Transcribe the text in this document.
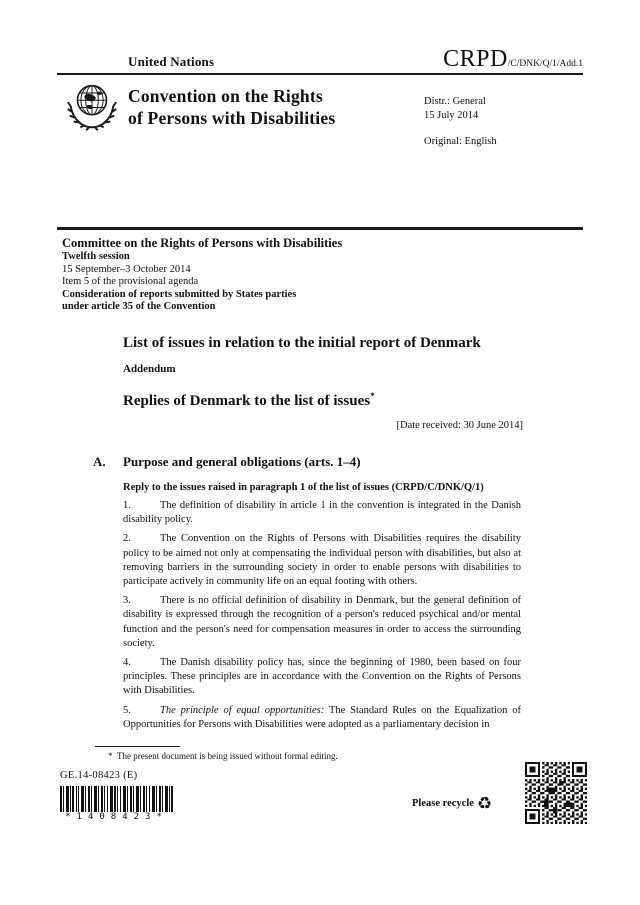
United Nations	CRPD/C/DNK/Q/1/Add.1
Convention on the Rights
of Persons with Disabilities
Distr.: General
15 July 2014
Original: English
Committee on the Rights of Persons with Disabilities
Twelfth session
15 September–3 October 2014
Item 5 of the provisional agenda
Consideration of reports submitted by States parties
under article 35 of the Convention
List of issues in relation to the initial report of Denmark
Addendum
Replies of Denmark to the list of issues*
[Date received: 30 June 2014]
A. Purpose and general obligations (arts. 1–4)
Reply to the issues raised in paragraph 1 of the list of issues (CRPD/C/DNK/Q/1)

1.	The definition of disability in article 1 in the convention is integrated in the Danish disability policy.

2.	The Convention on the Rights of Persons with Disabilities requires the disability policy to be aimed not only at compensating the individual person with disabilities, but also at removing barriers in the surrounding society in order to enable persons with disabilities to participate actively in community life on an equal footing with others.

3.	There is no official definition of disability in Denmark, but the general definition of disability is expressed through the recognition of a person's reduced psychical and/or mental function and the person's need for compensation measures in order to access the surrounding society.

4.	The Danish disability policy has, since the beginning of 1980, been based on four principles. These principles are in accordance with the Convention on the Rights of Persons with Disabilities.

5.	The principle of equal opportunities: The Standard Rules on the Equalization of Opportunities for Persons with Disabilities were adopted as a parliamentary decision in

* The present document is being issued without formal editing.
GE.14-08423 (E)
*1408423*
Please recycle ♻
